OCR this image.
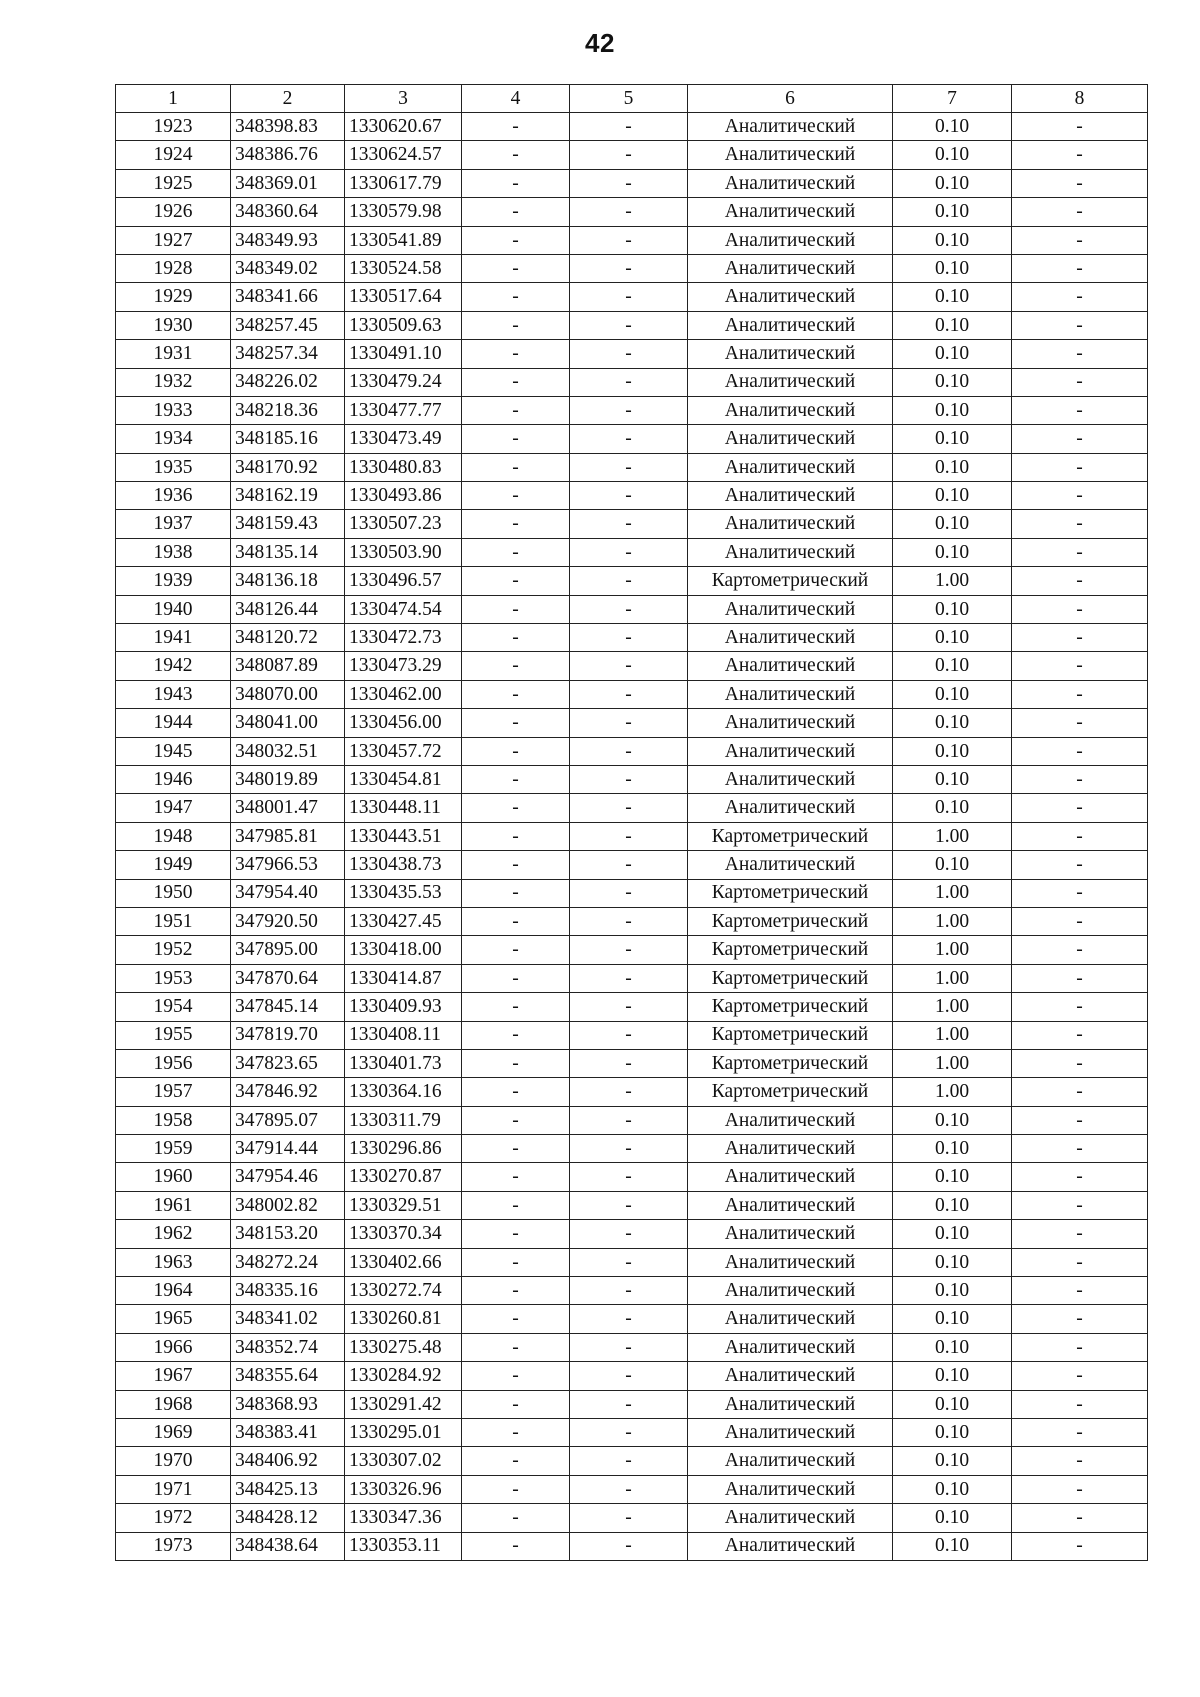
42
1	2	3	4	5	6	7	8
1923	348398.83	1330620.67	-	-	Аналитический	0.10	-
1924	348386.76	1330624.57	-	-	Аналитический	0.10	-
1925	348369.01	1330617.79	-	-	Аналитический	0.10	-
1926	348360.64	1330579.98	-	-	Аналитический	0.10	-
1927	348349.93	1330541.89	-	-	Аналитический	0.10	-
1928	348349.02	1330524.58	-	-	Аналитический	0.10	-
1929	348341.66	1330517.64	-	-	Аналитический	0.10	-
1930	348257.45	1330509.63	-	-	Аналитический	0.10	-
1931	348257.34	1330491.10	-	-	Аналитический	0.10	-
1932	348226.02	1330479.24	-	-	Аналитический	0.10	-
1933	348218.36	1330477.77	-	-	Аналитический	0.10	-
1934	348185.16	1330473.49	-	-	Аналитический	0.10	-
1935	348170.92	1330480.83	-	-	Аналитический	0.10	-
1936	348162.19	1330493.86	-	-	Аналитический	0.10	-
1937	348159.43	1330507.23	-	-	Аналитический	0.10	-
1938	348135.14	1330503.90	-	-	Аналитический	0.10	-
1939	348136.18	1330496.57	-	-	Картометрический	1.00	-
1940	348126.44	1330474.54	-	-	Аналитический	0.10	-
1941	348120.72	1330472.73	-	-	Аналитический	0.10	-
1942	348087.89	1330473.29	-	-	Аналитический	0.10	-
1943	348070.00	1330462.00	-	-	Аналитический	0.10	-
1944	348041.00	1330456.00	-	-	Аналитический	0.10	-
1945	348032.51	1330457.72	-	-	Аналитический	0.10	-
1946	348019.89	1330454.81	-	-	Аналитический	0.10	-
1947	348001.47	1330448.11	-	-	Аналитический	0.10	-
1948	347985.81	1330443.51	-	-	Картометрический	1.00	-
1949	347966.53	1330438.73	-	-	Аналитический	0.10	-
1950	347954.40	1330435.53	-	-	Картометрический	1.00	-
1951	347920.50	1330427.45	-	-	Картометрический	1.00	-
1952	347895.00	1330418.00	-	-	Картометрический	1.00	-
1953	347870.64	1330414.87	-	-	Картометрический	1.00	-
1954	347845.14	1330409.93	-	-	Картометрический	1.00	-
1955	347819.70	1330408.11	-	-	Картометрический	1.00	-
1956	347823.65	1330401.73	-	-	Картометрический	1.00	-
1957	347846.92	1330364.16	-	-	Картометрический	1.00	-
1958	347895.07	1330311.79	-	-	Аналитический	0.10	-
1959	347914.44	1330296.86	-	-	Аналитический	0.10	-
1960	347954.46	1330270.87	-	-	Аналитический	0.10	-
1961	348002.82	1330329.51	-	-	Аналитический	0.10	-
1962	348153.20	1330370.34	-	-	Аналитический	0.10	-
1963	348272.24	1330402.66	-	-	Аналитический	0.10	-
1964	348335.16	1330272.74	-	-	Аналитический	0.10	-
1965	348341.02	1330260.81	-	-	Аналитический	0.10	-
1966	348352.74	1330275.48	-	-	Аналитический	0.10	-
1967	348355.64	1330284.92	-	-	Аналитический	0.10	-
1968	348368.93	1330291.42	-	-	Аналитический	0.10	-
1969	348383.41	1330295.01	-	-	Аналитический	0.10	-
1970	348406.92	1330307.02	-	-	Аналитический	0.10	-
1971	348425.13	1330326.96	-	-	Аналитический	0.10	-
1972	348428.12	1330347.36	-	-	Аналитический	0.10	-
1973	348438.64	1330353.11	-	-	Аналитический	0.10	-
